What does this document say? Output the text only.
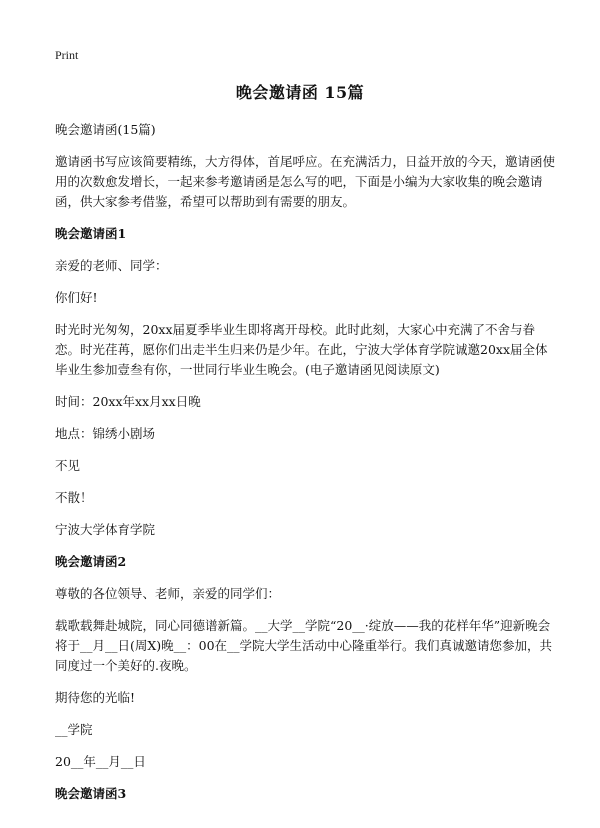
Print
晚会邀请函 15篇

晚会邀请函(15篇)

邀请函书写应该简要精练，大方得体，首尾呼应。在充满活力，日益开放的今天，邀请函使用的次数愈发增长，一起来参考邀请函是怎么写的吧，下面是小编为大家收集的晚会邀请函，供大家参考借鉴，希望可以帮助到有需要的朋友。

晚会邀请函1

亲爱的老师、同学：

你们好!

时光时光匆匆，20xx届夏季毕业生即将离开母校。此时此刻，大家心中充满了不舍与眷恋。时光荏苒，愿你们出走半生归来仍是少年。在此，宁波大学体育学院诚邀20xx届全体毕业生参加壹叁有你，一世同行毕业生晚会。(电子邀请函见阅读原文)

时间：20xx年xx月xx日晚

地点：锦绣小剧场

不见

不散！

宁波大学体育学院

晚会邀请函2

尊敬的各位领导、老师，亲爱的同学们：

载歌载舞赴城院，同心同德谱新篇。__大学__学院“20__·绽放——我的花样年华”迎新晚会将于__月__日(周X)晚__：00在__学院大学生活动中心隆重举行。我们真诚邀请您参加，共同度过一个美好的.夜晚。

期待您的光临!

__学院

20__年__月__日

晚会邀请函3
